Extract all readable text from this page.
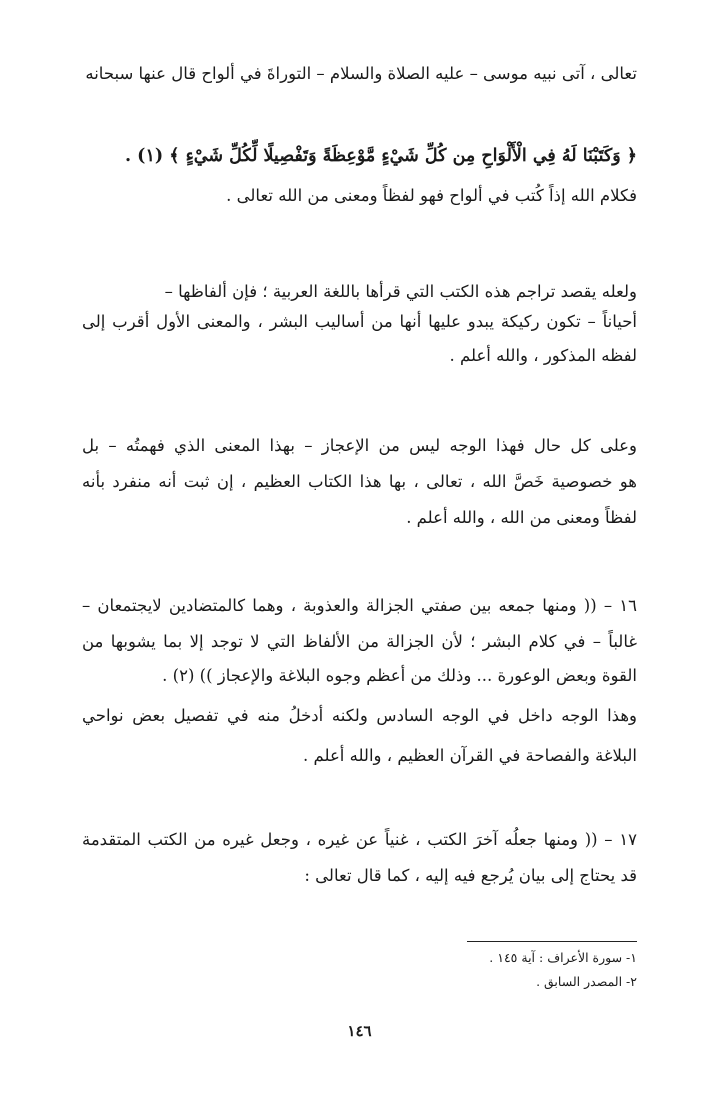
تعالى ، آتى نبيه موسى – عليه الصلاة والسلام – التوراةَ في ألواح قال عنها سبحانه
﴿ وَكَتَبْنَا لَهُ فِي الْأَلْوَاحِ مِن كُلِّ شَيْءٍ مَّوْعِظَةً وَتَفْصِيلًا لِّكُلِّ شَيْءٍ ﴾ (١) .
فكلام الله إذاً كُتب في ألواح فهو لفظاً ومعنى من الله تعالى .
ولعله يقصد تراجم هذه الكتب التي قرأها باللغة العربية ؛ فإن ألفاظها –
أحياناً – تكون ركيكة يبدو عليها أنها من أساليب البشر ، والمعنى الأول أقرب إلى
لفظه المذكور ، والله أعلم .
وعلى كل حال فهذا الوجه ليس من الإعجاز – بهذا المعنى الذي فهمتُه – بل
هو خصوصية خَصَّ الله ، تعالى ، بها هذا الكتاب العظيم ، إن ثبت أنه منفرد بأنه
لفظاً ومعنى من الله ، والله أعلم .
١٦ – (( ومنها جمعه بين صفتي الجزالة والعذوبة ، وهما كالمتضادين لايجتمعان –
غالباً – في كلام البشر ؛ لأن الجزالة من الألفاظ التي لا توجد إلا بما يشوبها من
القوة وبعض الوعورة ... وذلك من أعظم وجوه البلاغة والإعجاز )) (٢) .
وهذا الوجه داخل في الوجه السادس ولكنه أدخلُ منه في تفصيل بعض نواحي
البلاغة والفصاحة في القرآن العظيم ، والله أعلم .
١٧ – (( ومنها جعلُه آخرَ الكتب ، غنياً عن غيره ، وجعل غيره من الكتب المتقدمة
قد يحتاج إلى بيان يُرجع فيه إليه ، كما قال تعالى :
١- سورة الأعراف : آية ١٤٥ .
٢- المصدر السابق .
١٤٦
